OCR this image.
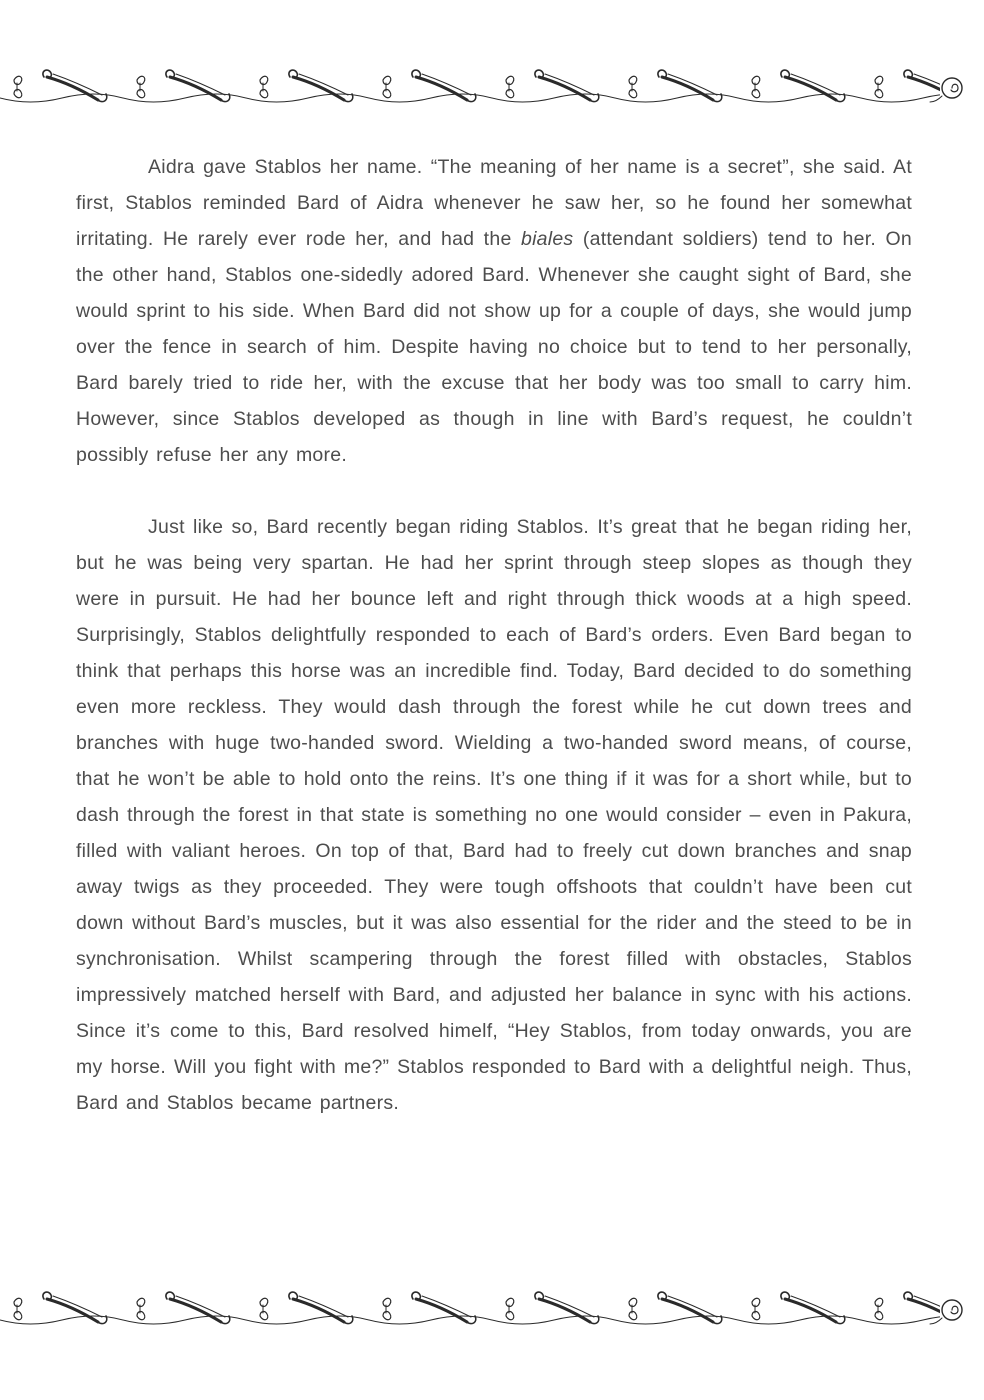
Aidra gave Stablos her name. “The meaning of her name is a secret”, she said. At first, Stablos reminded Bard of Aidra whenever he saw her, so he found her somewhat irritating. He rarely ever rode her, and had the biales (attendant soldiers) tend to her. On the other hand, Stablos one-sidedly adored Bard. Whenever she caught sight of Bard, she would sprint to his side. When Bard did not show up for a couple of days, she would jump over the fence in search of him. Despite having no choice but to tend to her personally, Bard barely tried to ride her, with the excuse that her body was too small to carry him. However, since Stablos developed as though in line with Bard’s request, he couldn’t possibly refuse her any more.

Just like so, Bard recently began riding Stablos. It’s great that he began riding her, but he was being very spartan. He had her sprint through steep slopes as though they were in pursuit. He had her bounce left and right through thick woods at a high speed. Surprisingly, Stablos delightfully responded to each of Bard’s orders. Even Bard began to think that perhaps this horse was an incredible find. Today, Bard decided to do something even more reckless. They would dash through the forest while he cut down trees and branches with huge two-handed sword. Wielding a two-handed sword means, of course, that he won’t be able to hold onto the reins. It’s one thing if it was for a short while, but to dash through the forest in that state is something no one would consider – even in Pakura, filled with valiant heroes. On top of that, Bard had to freely cut down branches and snap away twigs as they proceeded. They were tough offshoots that couldn’t have been cut down without Bard’s muscles, but it was also essential for the rider and the steed to be in synchronisation. Whilst scampering through the forest filled with obstacles, Stablos impressively matched herself with Bard, and adjusted her balance in sync with his actions. Since it’s come to this, Bard resolved himelf, “Hey Stablos, from today onwards, you are my horse. Will you fight with me?” Stablos responded to Bard with a delightful neigh. Thus, Bard and Stablos became partners.
